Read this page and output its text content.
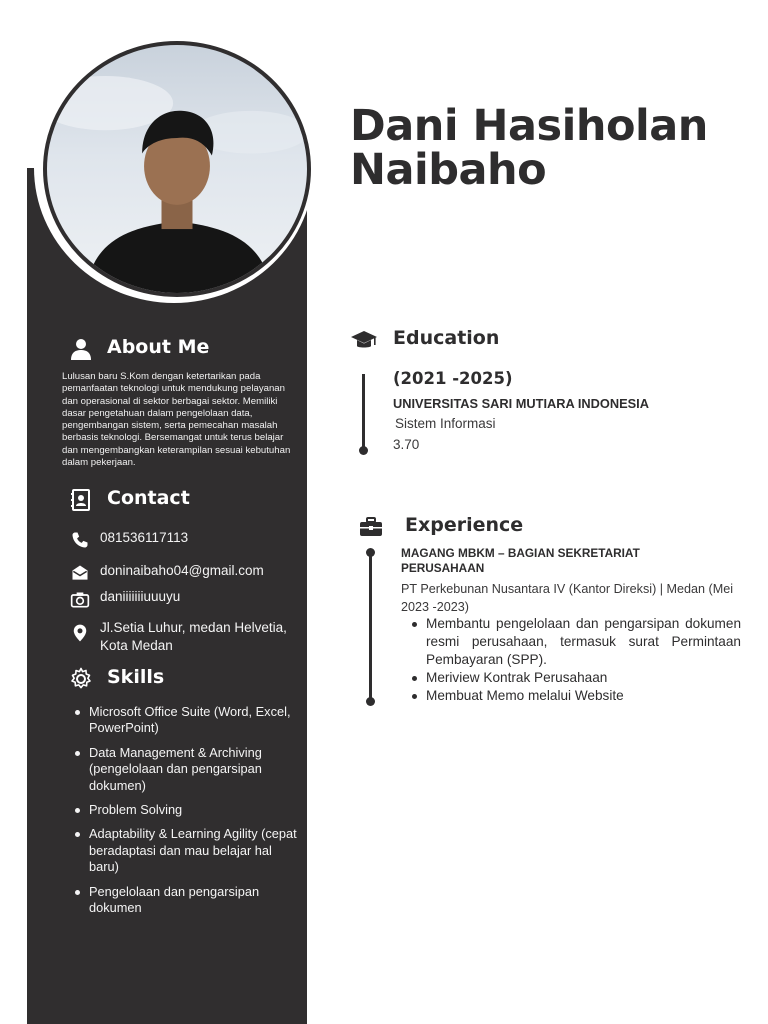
Dani Hasiholan Naibaho
About Me
Lulusan baru S.Kom dengan ketertarikan pada pemanfaatan teknologi untuk mendukung pelayanan dan operasional di sektor berbagai sektor. Memiliki dasar pengetahuan dalam pengelolaan data, pengembangan sistem, serta pemecahan masalah berbasis teknologi. Bersemangat untuk terus belajar dan mengembangkan keterampilan sesuai kebutuhan dalam pekerjaan.
Contact
081536117113
doninaibaho04@gmail.com
daniiiiiiiuuuyu
Jl.Setia Luhur, medan Helvetia, Kota Medan
Skills
Microsoft Office Suite (Word, Excel, PowerPoint)
Data Management & Archiving (pengelolaan dan pengarsipan dokumen)
Problem Solving
Adaptability & Learning Agility (cepat beradaptasi dan mau belajar hal baru)
Pengelolaan dan pengarsipan dokumen
Education
(2021 -2025)
UNIVERSITAS SARI MUTIARA INDONESIA
Sistem Informasi
3.70
Experience
MAGANG MBKM – BAGIAN SEKRETARIAT PERUSAHAAN
PT Perkebunan Nusantara IV (Kantor Direksi) | Medan (Mei 2023 -2023)
Membantu pengelolaan dan pengarsipan dokumen resmi perusahaan, termasuk surat Permintaan Pembayaran (SPP).
Meriview Kontrak Perusahaan
Membuat Memo melalui Website
